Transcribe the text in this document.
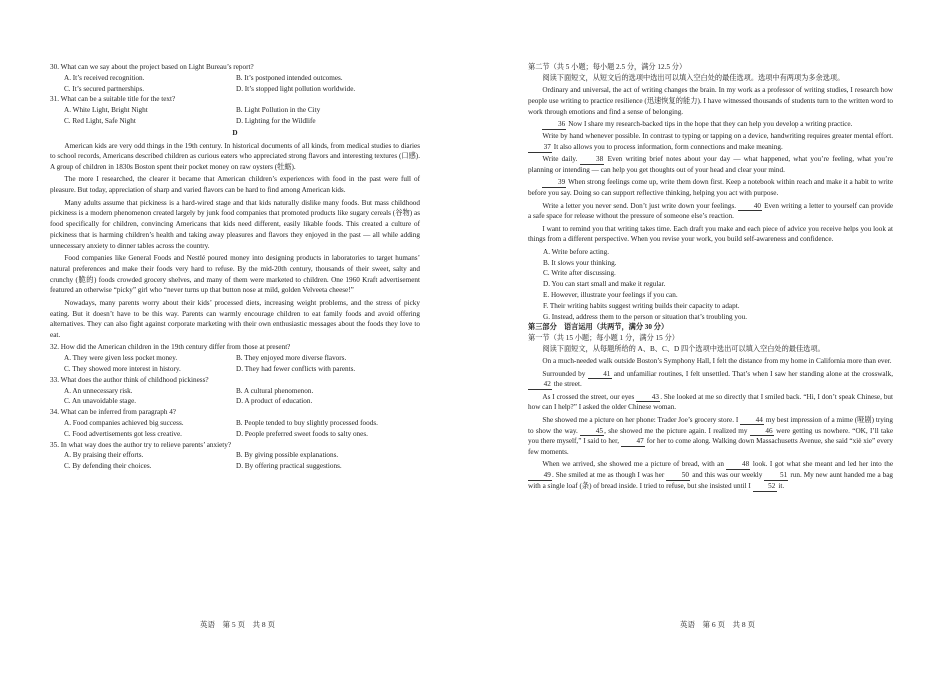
30. What can we say about the project based on Light Bureau’s report?

A. It’s received recognition.	B. It’s postponed intended outcomes.
C. It’s secured partnerships.	D. It’s stopped light pollution worldwide.

31. What can be a suitable title for the text?

A. White Light, Bright Night	B. Light Pollution in the City
C. Red Light, Safe Night	D. Lighting for the Wildlife
D

American kids are very odd things in the 19th century. In historical documents of all kinds, from medical studies to diaries to school records, Americans described children as curious eaters who appreciated strong flavors and interesting textures (口感). A group of children in 1830s Boston spent their pocket money on raw oysters (牡蛎).

The more I researched, the clearer it became that American children’s experiences with food in the past were full of pleasure. But today, appreciation of sharp and varied flavors can be hard to find among American kids.

Many adults assume that pickiness is a hard-wired stage and that kids naturally dislike many foods. But mass childhood pickiness is a modern phenomenon created largely by junk food companies that promoted products like sugary cereals (谷物) as food specifically for children, convincing Americans that kids need different, easily likable foods. This created a culture of pickiness that is harming children’s health and taking away pleasures and flavors they enjoyed in the past — all while adding unnecessary anxiety to dinner tables across the country.

Food companies like General Foods and Nestlé poured money into designing products in laboratories to target humans’ natural preferences and make their foods very hard to refuse. By the mid-20th century, thousands of their sweet, salty and crunchy (脆的) foods crowded grocery shelves, and many of them were marketed to children. One 1960 Kraft advertisement featured an otherwise “picky” girl who “never turns up that button nose at mild, golden Velveeta cheese!”

Nowadays, many parents worry about their kids’ processed diets, increasing weight problems, and the stress of picky eating. But it doesn’t have to be this way. Parents can warmly encourage children to eat family foods and avoid offering alternatives. They can also fight against corporate marketing with their own enthusiastic messages about the foods they love to eat.

32. How did the American children in the 19th century differ from those at present?

A. They were given less pocket money.	B. They enjoyed more diverse flavors.
C. They showed more interest in history.	D. They had fewer conflicts with parents.

33. What does the author think of childhood pickiness?

A. An unnecessary risk.	B. A cultural phenomenon.
C. An unavoidable stage.	D. A product of education.

34. What can be inferred from paragraph 4?

A. Food companies achieved big success.	B. People tended to buy slightly processed foods.
C. Food advertisements got less creative.	D. People preferred sweet foods to salty ones.

35. In what way does the author try to relieve parents’ anxiety?

A. By praising their efforts.	B. By giving possible explanations.
C. By defending their choices.	D. By offering practical suggestions.

第二节（共 5 小题；每小题 2.5 分，满分 12.5 分）

阅读下面短文，从短文后的选项中选出可以填入空白处的最佳选项。选项中有两项为多余选项。

Ordinary and universal, the act of writing changes the brain. In my work as a professor of writing studies, I research how people use writing to practice resilience (迅速恢复的能力). I have witnessed thousands of students turn to the written word to work through emotions and find a sense of belonging.

36 Now I share my research-backed tips in the hope that they can help you develop a writing practice.

Write by hand whenever possible. In contrast to typing or tapping on a device, handwriting requires greater mental effort. 37 It also allows you to process information, form connections and make meaning.

Write daily.	38 Even writing brief notes about your day — what happened, what you’re feeling, what you’re planning or intending — can help you get thoughts out of your head and clear your mind.

39 When strong feelings come up, write them down first. Keep a notebook within reach and make it a habit to write before you say. Doing so can support reflective thinking, helping you act with purpose.

Write a letter you never send. Don’t just write down your feelings. 40 Even writing a letter to yourself can provide a safe space for release without the pressure of someone else’s reaction.

I want to remind you that writing takes time. Each draft you make and each piece of advice you receive helps you look at things from a different perspective. When you revise your work, you build self-awareness and confidence.

A. Write before acting.
B. It slows your thinking.
C. Write after discussing.
D. You can start small and make it regular.
E. However, illustrate your feelings if you can.
F. Their writing habits suggest writing builds their capacity to adapt.
G. Instead, address them to the person or situation that’s troubling you.

第三部分　语言运用（共两节，满分 30 分）

第一节（共 15 小题；每小题 1 分，满分 15 分）

阅读下面短文，从每题所给的 A、B、C、D 四个选项中选出可以填入空白处的最佳选项。

On a much-needed walk outside Boston’s Symphony Hall, I felt the distance from my home in California more than ever.

Surrounded by 41 and unfamiliar routines, I felt unsettled. That’s when I saw her standing alone at the crosswalk, 42 the street.

As I crossed the street, our eyes 43. She looked at me so directly that I smiled back. “Hi, I don’t speak Chinese, but how can I help?” I asked the older Chinese woman.

She showed me a picture on her phone: Trader Joe’s grocery store. I 44 my best impression of a mime (哑剧) trying to show the way. 45, she showed me the picture again. I realized my 46 were getting us nowhere. “OK, I’ll take you there myself,” I said to her, 47 for her to come along. Walking down Massachusetts Avenue, she said “xiè xie” every few moments.

When we arrived, she showed me a picture of bread, with an	48 look. I got what she meant and led her into the 49. She smiled at me as though I was her 50 and this was our weekly 51 run. My new aunt handed me a bag with a single loaf (条) of bread inside. I tried to refuse, but she insisted until I 52 it.

英语　第 5 页　共 8 页	英语　第 6 页　共 8 页
